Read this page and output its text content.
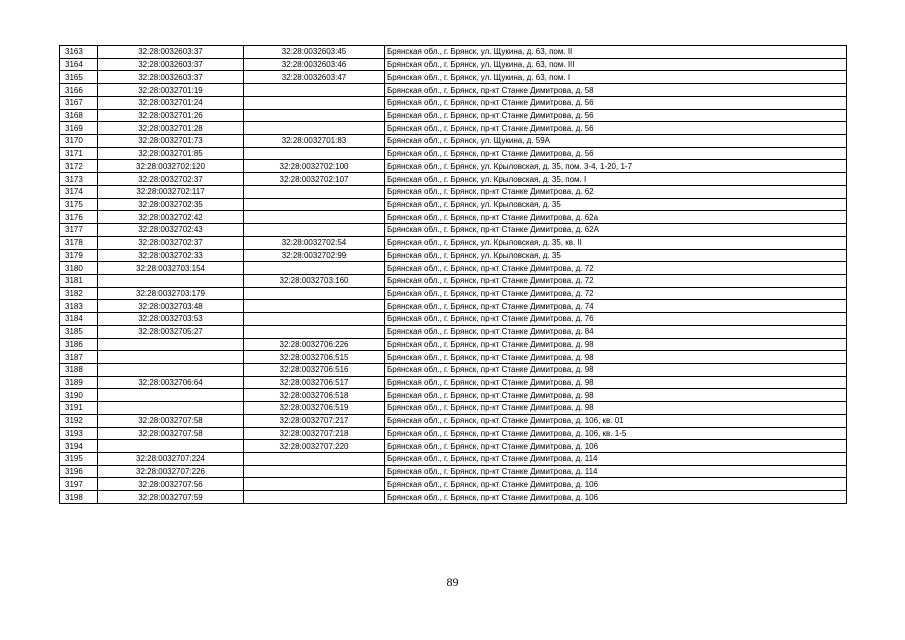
3163	32:28:0032603:37	32:28:0032603:45	Брянская обл., г. Брянск, ул. Щукина, д. 63, пом. II
3164	32:28:0032603:37	32:28:0032603:46	Брянская обл., г. Брянск, ул. Щукина, д. 63, пом. III
3165	32:28:0032603:37	32:28:0032603:47	Брянская обл., г. Брянск, ул. Щукина, д. 63, пом. I
3166	32:28:0032701:19		Брянская обл., г. Брянск, пр-кт Станке Димитрова, д. 58
3167	32:28:0032701:24		Брянская обл., г. Брянск, пр-кт Станке Димитрова, д. 56
3168	32:28:0032701:26		Брянская обл., г. Брянск, пр-кт Станке Димитрова, д. 56
3169	32:28:0032701:28		Брянская обл., г. Брянск, пр-кт Станке Димитрова, д. 56
3170	32:28:0032701:73	32:28:0032701:83	Брянская обл., г. Брянск, ул. Щукина, д. 59А
3171	32:28:0032701:85		Брянская обл., г. Брянск, пр-кт Станке Димитрова, д. 56
3172	32:28:0032702:120	32:28:0032702:100	Брянская обл., г. Брянск, ул. Крыловская, д. 35, пом. 3-4, 1-20, 1-7
3173	32:28:0032702:37	32:28:0032702:107	Брянская обл., г. Брянск, ул. Крыловская, д. 35, пом. I
3174	32:28:0032702:117		Брянская обл., г. Брянск, пр-кт Станке Димитрова, д. 62
3175	32:28:0032702:35		Брянская обл., г. Брянск, ул. Крыловская, д. 35
3176	32:28:0032702:42		Брянская обл., г. Брянск, пр-кт Станке Димитрова, д. 62а
3177	32:28:0032702:43		Брянская обл., г. Брянск, пр-кт Станке Димитрова, д. 62А
3178	32:28:0032702:37	32:28:0032702:54	Брянская обл., г. Брянск, ул. Крыловская, д. 35, кв. II
3179	32:28:0032702:33	32:28:0032702:99	Брянская обл., г. Брянск, ул. Крыловская, д. 35
3180	32:28:0032703:154		Брянская обл., г. Брянск, пр-кт Станке Димитрова, д. 72
3181		32:28:0032703:160	Брянская обл., г. Брянск, пр-кт Станке Димитрова, д. 72
3182	32:28:0032703:179		Брянская обл., г. Брянск, пр-кт Станке Димитрова, д. 72
3183	32:28:0032703:48		Брянская обл., г. Брянск, пр-кт Станке Димитрова, д. 74
3184	32:28:0032703:53		Брянская обл., г. Брянск, пр-кт Станке Димитрова, д. 76
3185	32:28:0032705:27		Брянская обл., г. Брянск, пр-кт Станке Димитрова, д. 84
3186		32:28:0032706:226	Брянская обл., г. Брянск, пр-кт Станке Димитрова, д. 98
3187		32:28:0032706:515	Брянская обл., г. Брянск, пр-кт Станке Димитрова, д. 98
3188		32:28:0032706:516	Брянская обл., г. Брянск, пр-кт Станке Димитрова, д. 98
3189	32:28:0032706:64	32:28:0032706:517	Брянская обл., г. Брянск, пр-кт Станке Димитрова, д. 98
3190		32:28:0032706:518	Брянская обл., г. Брянск, пр-кт Станке Димитрова, д. 98
3191		32:28:0032706:519	Брянская обл., г. Брянск, пр-кт Станке Димитрова, д. 98
3192	32:28:0032707:58	32:28:0032707:217	Брянская обл., г. Брянск, пр-кт Станке Димитрова, д. 106, кв. 01
3193	32:28:0032707:58	32:28:0032707:218	Брянская обл., г. Брянск, пр-кт Станке Димитрова, д. 106, кв. 1-5
3194		32:28:0032707:220	Брянская обл., г. Брянск, пр-кт Станке Димитрова, д. 106
3195	32:28:0032707:224		Брянская обл., г. Брянск, пр-кт Станке Димитрова, д. 114
3196	32:28:0032707:226		Брянская обл., г. Брянск, пр-кт Станке Димитрова, д. 114
3197	32:28:0032707:56		Брянская обл., г. Брянск, пр-кт Станке Димитрова, д. 106
3198	32:28:0032707:59		Брянская обл., г. Брянск, пр-кт Станке Димитрова, д. 106
89
